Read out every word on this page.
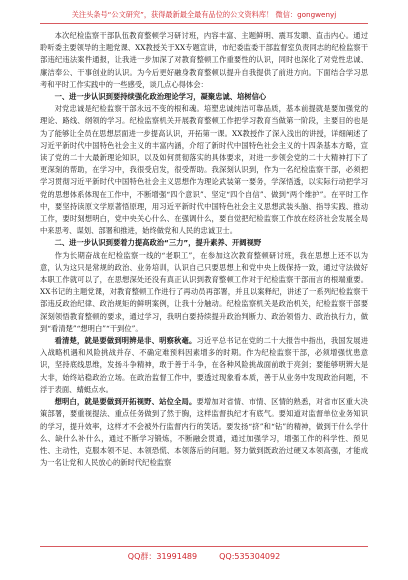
关注头条号“公文研究”，获得最新最全最有品位的公文资料库！ 微信：gongwenyj

本次纪检监察干部队伍教育整顿学习研讨班，内容丰富、主题鲜明、震耳发聩、直击内心。通过聆听委主要领导的主题党课、XX教授关于XX专题宣讲，市纪委监委干部监督室负责同志的纪检监察干部违纪违法案件通报，让我进一步加深了对教育整顿工作重要性的认识，同时也深化了对党性忠诚、廉洁奉公、干事创业的认识。为今后更好融身教育整顿以提升自我提供了前进方向。下面结合学习思考和平时工作实践中的一些感受，谈几点心得体会：

一、进一步认识到要持续强化政治理论学习，凝聚忠诚、培树信心

对党忠诚是纪检监察干部永远不变的根和魂。培塑忠诚纯洁可靠品质，基本前提就是要加强党的理论、路线、纲领的学习。纪检监察机关开展教育整顿工作把学习教育当做第一阶段，主要目的也是为了能够让全员在思想层面进一步提高认识，开拓第一课。XX教授作了深入浅出的讲授，详细阐述了习近平新时代中国特色社会主义的丰富内涵，介绍了新时代中国特色社会主义的十四条基本方略，宣读了党的二十大最新理论知识，以及如何贯彻落实的具体要求，对进一步领会党的二十大精神打下了更深刻的帮助，在学习中，我很受启发，很受帮助。我深刻认识到，作为一名纪检监察干部，必须把学习贯彻习近平新时代中国特色社会主义思想作为理论武装第一要务，学深悟透，以实际行动把学习党的思想体系体现在工作中，不断增强“四个意识”、坚定“四个自信”、做到“两个维护”。在平时工作中，要坚持读原文学原著悟原理，用习近平新时代中国特色社会主义思想武装头脑、指导实践、推动工作，要时刻想明白，党中央关心什么、在强调什么，要自觉把纪检监察工作放在经济社会发展全局中来思考、谋划、部署和推进，始终做党和人民的忠诚卫士。

二、进一步认识到要着力提高政治“三力”，提升素养、开阔视野

作为长期奋战在纪检监察一线的“老职工”，在参加这次教育整顿研讨班，我在思想上还不以为意，认为这只是常规的政治、业务培训，认识自己只要思想上和党中央上级保持一致，通过守法做好本职工作就可以了，在思想深处还没有真正认识到教育整顿工作对于纪检监察干部而言的根端重要。XX书记的主题党课，对教育整顿工作进行了再动员再部署，并且以案释纪，讲述了一系列纪检监察干部违反政治纪律、政治规矩的鲜明案例，让我十分触动。纪检监察机关是政治机关，纪检监察干部要深刻领悟教育整顿的要求，通过学习，我明白要持续提升政治判断力、政治领悟力、政治执行力，做到“看清楚”“想明白”“干到位”。

看清楚，就是要做到明辨是非、明察秋毫。习近平总书记在党的二十大报告中指出，我国发展进入战略机遇和风险挑战并存、不确定难预料因素增多的时期。作为纪检监察干部，必须增强忧患意识，坚持底线思维，发扬斗争精神，敢于善于斗争，在各种风险挑战面前敢于亮剑；要能够明辨大是大非，始终站稳政治立场。在政治监督工作中，要透过现象看本质，善于从业务中发现政治问题，不浮于表面、蜻蜓点水。

想明白，就是要做到开拓视野、站位全局。要增加对省情、市情、区情的熟悉，对省市区重大决策部署，要重视提法、重点任务做到了然于胸，这样监督执纪才有底气。要知道对监督单位业务知识的学习，提升效率，这样才不会被外行监督内行的笑话。要发扬“挤”和“钻”的精神，做到干什么学什么、缺什么补什么，通过不断学习锻炼，不断融会贯通，通过加强学习，增强工作的科学性、预见性、主动性，克服本领不足、本领恐慌、本领落后的问题。努力做到既政治过硬又本领高强，才能成为一名让党和人民放心的新时代纪检监察

QQ群：31991489	QQ:535304092
